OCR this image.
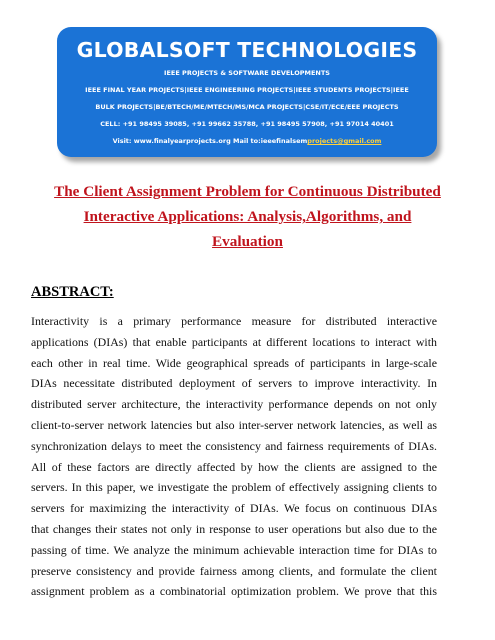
GLOBALSOFT TECHNOLOGIES
IEEE PROJECTS & SOFTWARE DEVELOPMENTS
IEEE FINAL YEAR PROJECTS|IEEE ENGINEERING PROJECTS|IEEE STUDENTS PROJECTS|IEEE
BULK PROJECTS|BE/BTECH/ME/MTECH/MS/MCA PROJECTS|CSE/IT/ECE/EEE PROJECTS
CELL: +91 98495 39085, +91 99662 35788, +91 98495 57908, +91 97014 40401
Visit: www.finalyearprojects.org Mail to:ieeefinalsemprojects@gmail.com
The Client Assignment Problem for Continuous Distributed
Interactive Applications: Analysis,Algorithms, and
Evaluation
ABSTRACT:
Interactivity is a primary performance measure for distributed interactive
applications (DIAs) that enable participants at different locations to interact with
each other in real time. Wide geographical spreads of participants in large-scale
DIAs necessitate distributed deployment of servers to improve interactivity. In
distributed server architecture, the interactivity performance depends on not only
client-to-server network latencies but also inter-server network latencies, as well as
synchronization delays to meet the consistency and fairness requirements of DIAs.
All of these factors are directly affected by how the clients are assigned to the
servers. In this paper, we investigate the problem of effectively assigning clients to
servers for maximizing the interactivity of DIAs. We focus on continuous DIAs
that changes their states not only in response to user operations but also due to the
passing of time. We analyze the minimum achievable interaction time for DIAs to
preserve consistency and provide fairness among clients, and formulate the client
assignment problem as a combinatorial optimization problem. We prove that this
